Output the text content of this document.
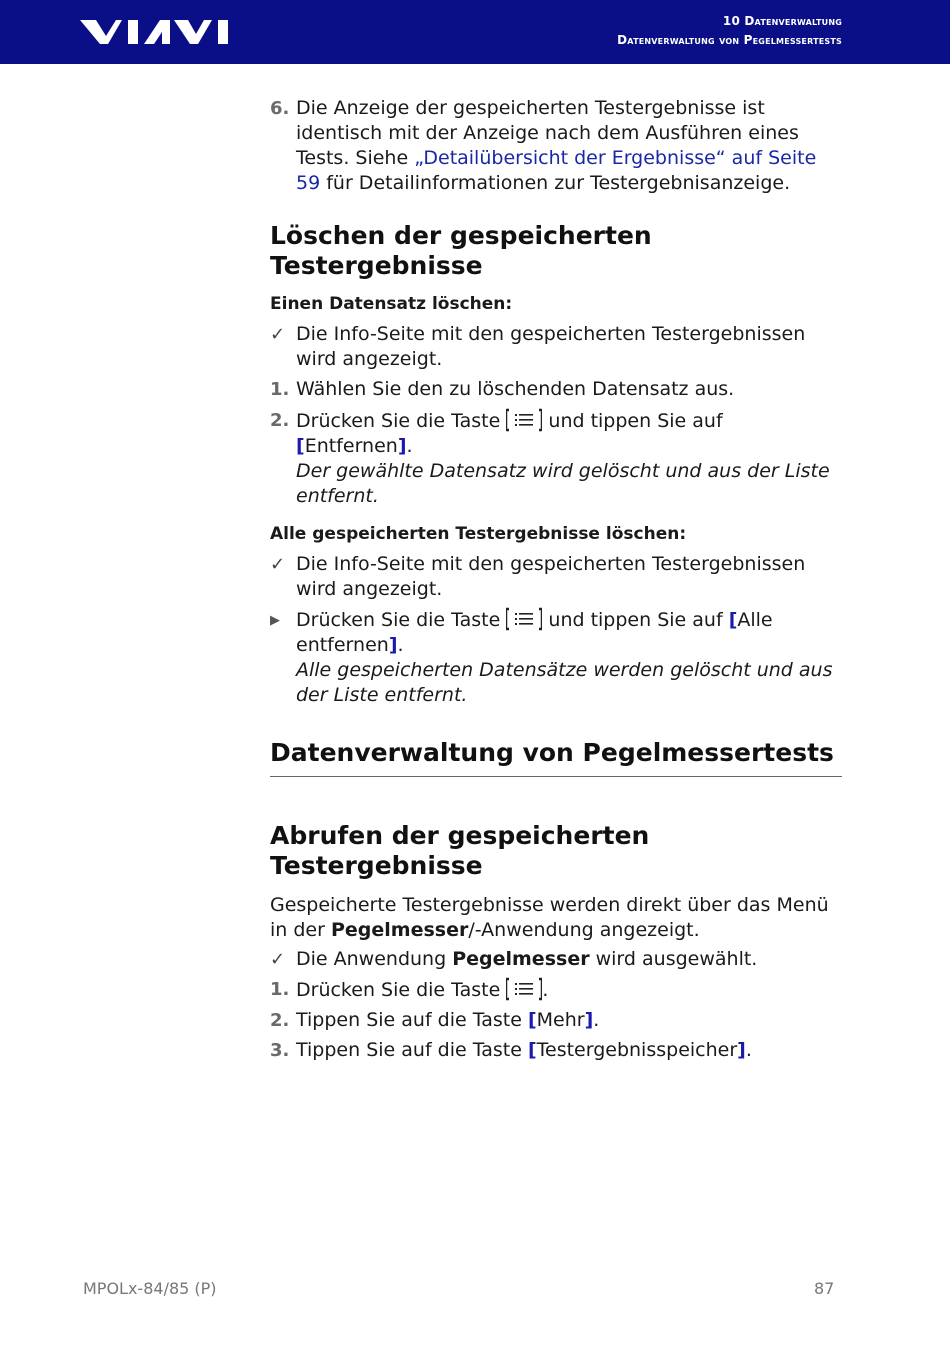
10 Datenverwaltung
Datenverwaltung von Pegelmessertests
6. Die Anzeige der gespeicherten Testergebnisse ist identisch mit der Anzeige nach dem Ausführen eines Tests. Siehe „Detailübersicht der Ergebnisse“ auf Seite 59 für Detailinformationen zur Testergebnisanzeige.
Löschen der gespeicherten Testergebnisse
Einen Datensatz löschen:
✓ Die Info-Seite mit den gespeicherten Testergebnissen wird angezeigt.
1. Wählen Sie den zu löschenden Datensatz aus.
2. Drücken Sie die Taste  und tippen Sie auf [Entfernen].
Der gewählte Datensatz wird gelöscht und aus der Liste entfernt.
Alle gespeicherten Testergebnisse löschen:
✓ Die Info-Seite mit den gespeicherten Testergebnissen wird angezeigt.
▶ Drücken Sie die Taste  und tippen Sie auf [Alle entfernen].
Alle gespeicherten Datensätze werden gelöscht und aus der Liste entfernt.
Datenverwaltung von Pegelmessertests
Abrufen der gespeicherten Testergebnisse
Gespeicherte Testergebnisse werden direkt über das Menü in der Pegelmesser/-Anwendung angezeigt.
✓ Die Anwendung Pegelmesser wird ausgewählt.
1. Drücken Sie die Taste .
2. Tippen Sie auf die Taste [Mehr].
3. Tippen Sie auf die Taste [Testergebnisspeicher].
MPOLx-84/85 (P)	87
